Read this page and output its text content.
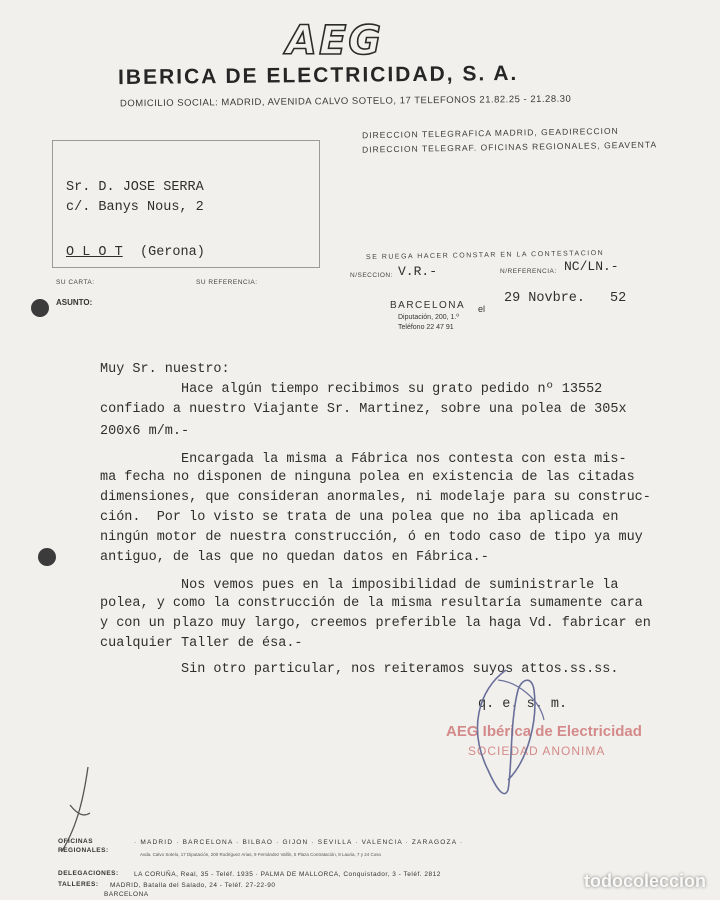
AEG
IBERICA DE ELECTRICIDAD, S. A.
DOMICILIO SOCIAL: MADRID, AVENIDA CALVO SOTELO, 17 TELEFONOS 21.82.25 - 21.28.30
DIRECCION TELEGRAFICA MADRID, GEADIRECCION
DIRECCION TELEGRAF. OFICINAS REGIONALES, GEAVENTA
Sr. D. JOSE SERRA
c/. Banys Nous, 2
O L O T (Gerona)
SU CARTA:	SU REFERENCIA:
ASUNTO:
SE RUEGA HACER CONSTAR EN LA CONTESTACION
N/SECCION: V.R.-	N/REFERENCIA: NC/LN.-
BARCELONA el
29 Novbre. 52
Diputación, 200, 1.º
Teléfono 22 47 91
Muy Sr. nuestro:
Hace algún tiempo recibimos su grato pedido nº 13552
confiado a nuestro Viajante Sr. Martinez, sobre una polea de 305x
200x6 m/m.-
Encargada la misma a Fábrica nos contesta con esta mis-
ma fecha no disponen de ninguna polea en existencia de las citadas
dimensiones, que consideran anormales, ni modelaje para su construc-
ción.  Por lo visto se trata de una polea que no iba aplicada en
ningún motor de nuestra construcción, ó en todo caso de tipo ya muy
antiguo, de las que no quedan datos en Fábrica.-
Nos vemos pues en la imposibilidad de suministrarle la
polea, y como la construcción de la misma resultaría sumamente cara
y con un plazo muy largo, creemos preferible la haga Vd. fabricar en
cualquier Taller de ésa.-
Sin otro particular, nos reiteramos suyos attos.ss.ss.
q. e. s. m.
AEG Ibérica de Electricidad
SOCIEDAD ANONIMA
OFICINAS
REGIONALES:
· MADRID · BARCELONA · BILBAO · GIJON · SEVILLA · VALENCIA · ZARAGOZA ·
Avda. Calvo Sotelo, 17 Diputación, 200 Rodríguez Arias, 9 Fernández Vallín, 5 Plaza Contratación, 8 Lauria, 7 y 24 Coso
DELEGACIONES: LA CORUÑA, Real, 35 - Teléf. 1935 · PALMA DE MALLORCA, Conquistador, 3 - Teléf. 2812
TALLERES: MADRID, Batalla del Salado, 24 - Teléf. 27-22-90
BARCELONA
todocoleccion
